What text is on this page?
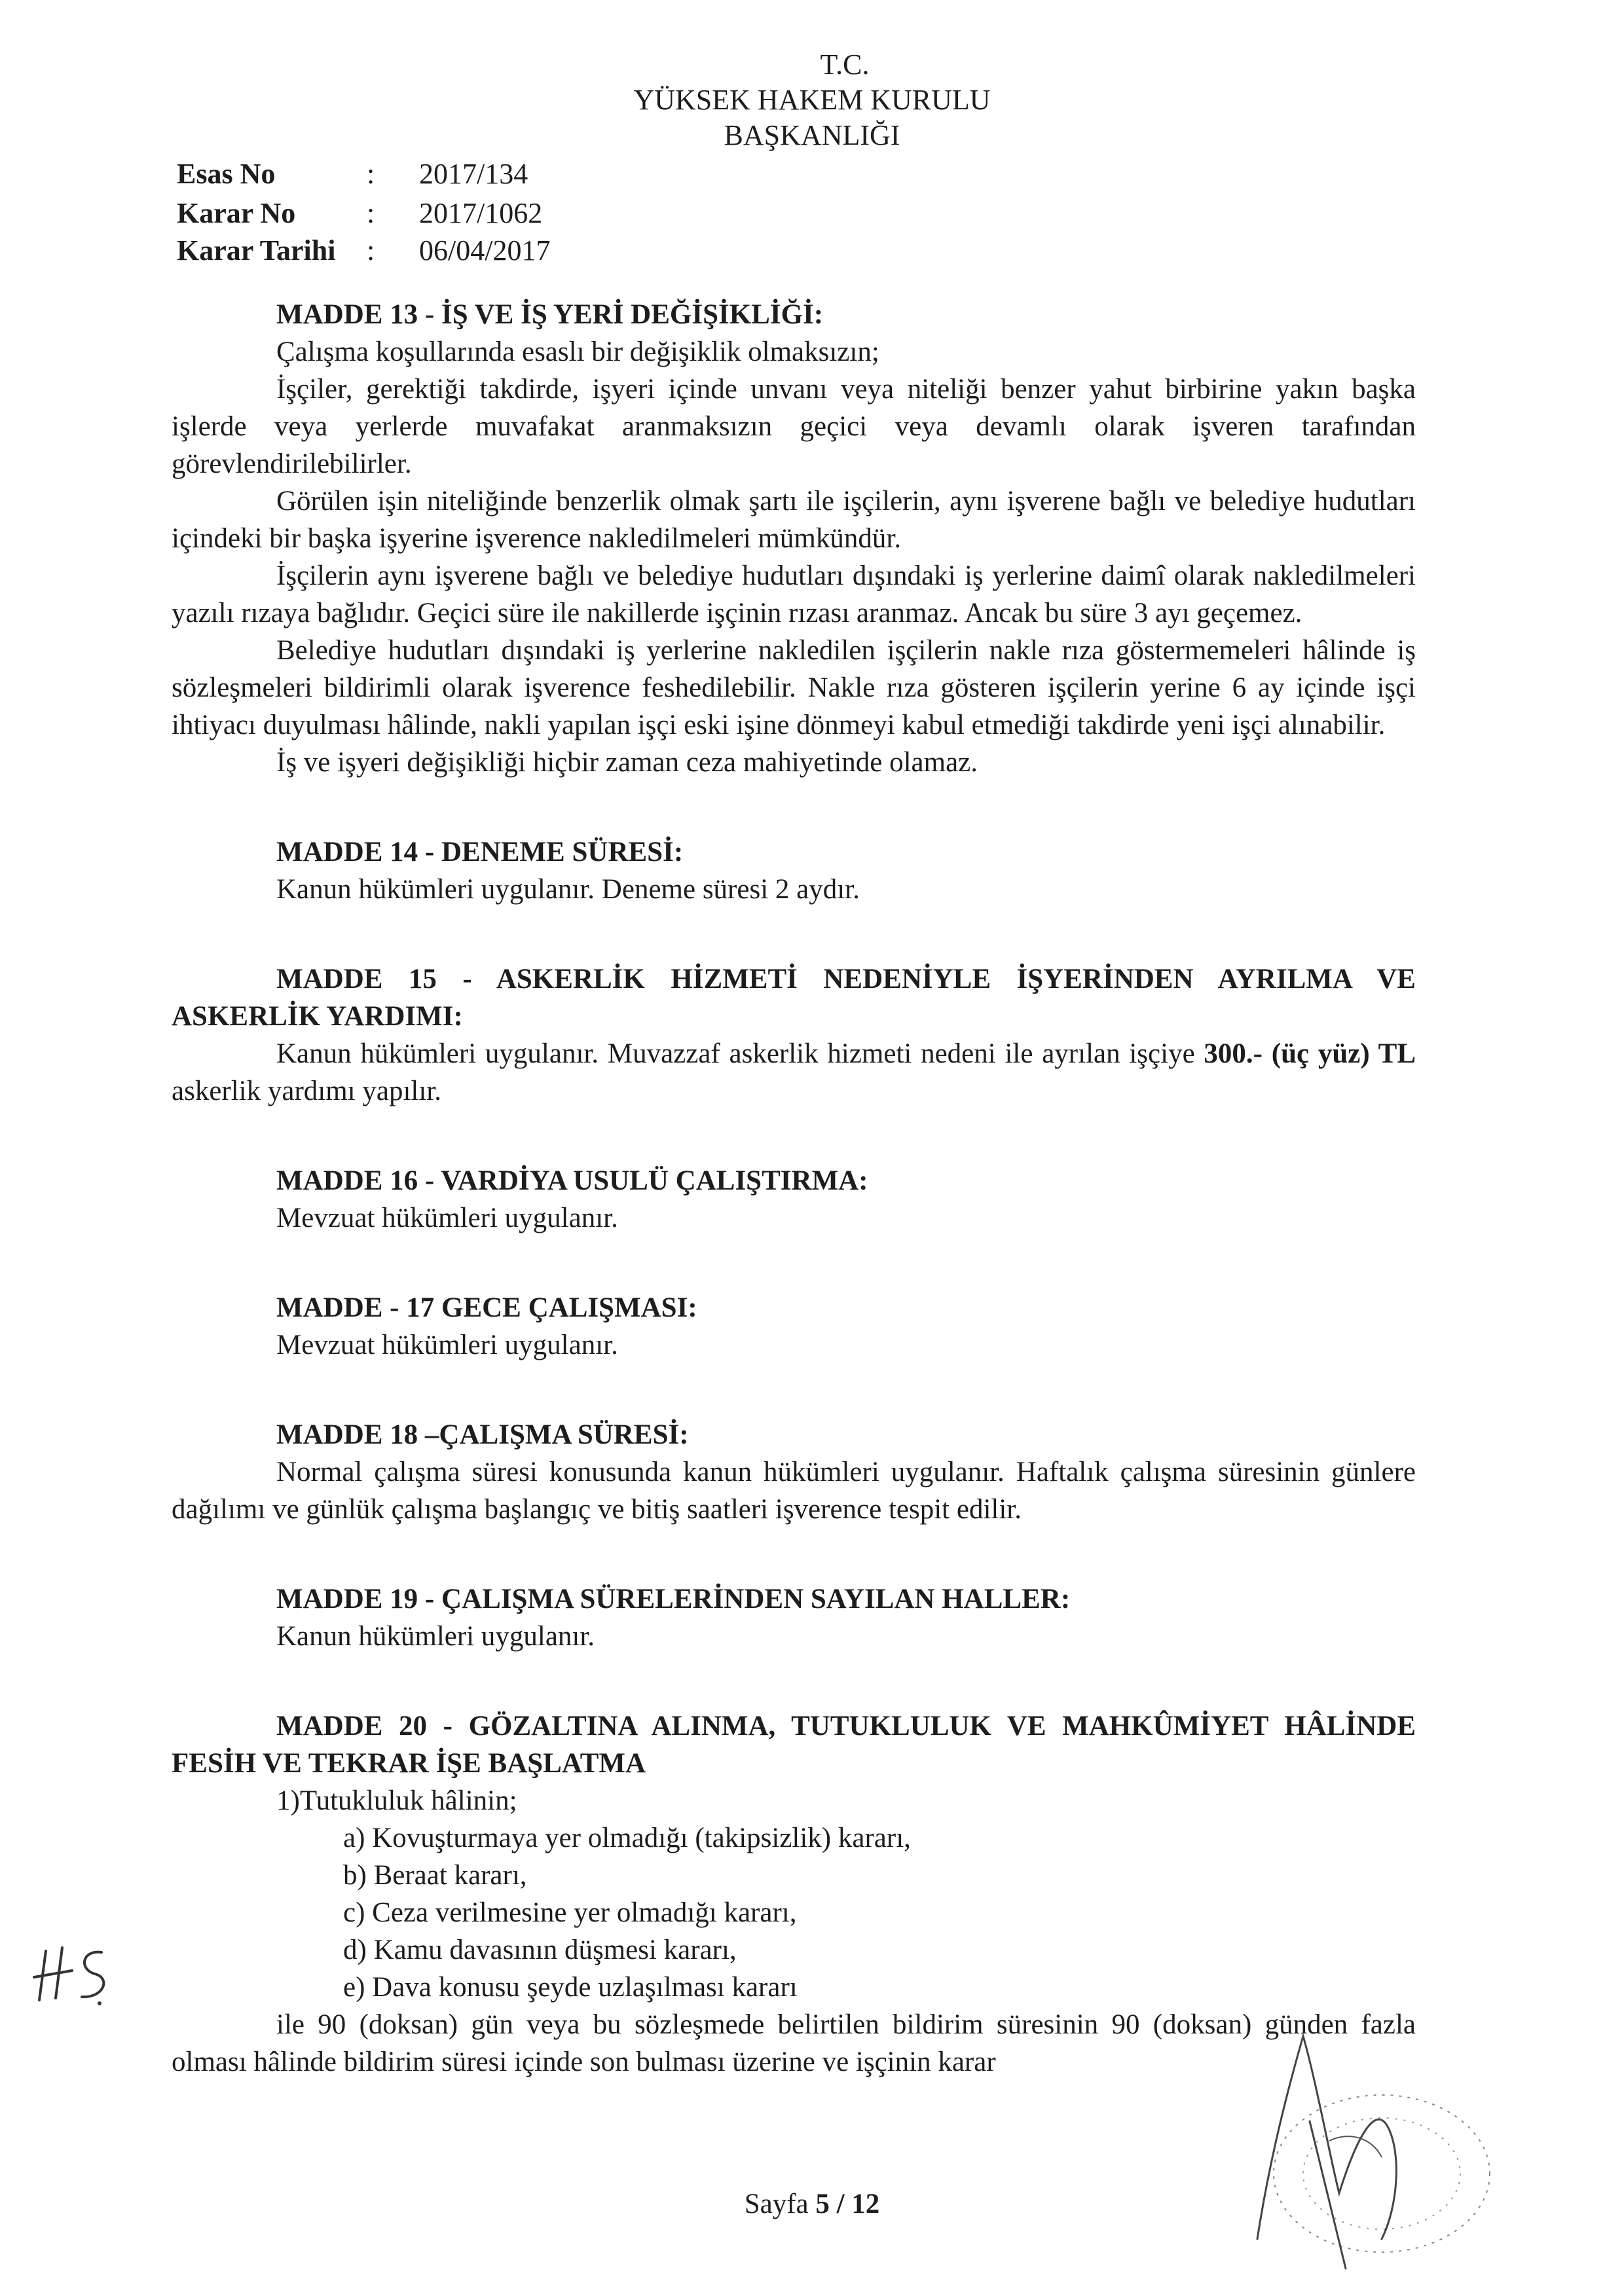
T.C.
YÜKSEK HAKEM KURULU
BAŞKANLIĞI
Esas No	: 2017/134
Karar No : 2017/1062
Karar Tarihi : 06/04/2017

MADDE 13 - İŞ VE İŞ YERİ DEĞİŞİKLİĞİ:

Çalışma koşullarında esaslı bir değişiklik olmaksızın;

İşçiler, gerektiği takdirde, işyeri içinde unvanı veya niteliği benzer yahut birbirine yakın başka işlerde veya yerlerde muvafakat aranmaksızın geçici veya devamlı olarak işveren tarafından görevlendirilebilirler.

Görülen işin niteliğinde benzerlik olmak şartı ile işçilerin, aynı işverene bağlı ve belediye hudutları içindeki bir başka işyerine işverence nakledilmeleri mümkündür.

İşçilerin aynı işverene bağlı ve belediye hudutları dışındaki iş yerlerine daimî olarak nakledilmeleri yazılı rızaya bağlıdır. Geçici süre ile nakillerde işçinin rızası aranmaz. Ancak bu süre 3 ayı geçemez.

Belediye hudutları dışındaki iş yerlerine nakledilen işçilerin nakle rıza göstermemeleri hâlinde iş sözleşmeleri bildirimli olarak işverence feshedilebilir. Nakle rıza gösteren işçilerin yerine 6 ay içinde işçi ihtiyacı duyulması hâlinde, nakli yapılan işçi eski işine dönmeyi kabul etmediği takdirde yeni işçi alınabilir.

İş ve işyeri değişikliği hiçbir zaman ceza mahiyetinde olamaz.

MADDE 14 - DENEME SÜRESİ:

Kanun hükümleri uygulanır. Deneme süresi 2 aydır.

MADDE 15 - ASKERLİK HİZMETİ NEDENİYLE İŞYERİNDEN AYRILMA VE ASKERLİK YARDIMI:

Kanun hükümleri uygulanır. Muvazzaf askerlik hizmeti nedeni ile ayrılan işçiye 300.- (üç yüz) TL askerlik yardımı yapılır.

MADDE 16 - VARDİYA USULÜ ÇALIŞTIRMA:

Mevzuat hükümleri uygulanır.

MADDE - 17 GECE ÇALIŞMASI:

Mevzuat hükümleri uygulanır.

MADDE 18 –ÇALIŞMA SÜRESİ:

Normal çalışma süresi konusunda kanun hükümleri uygulanır. Haftalık çalışma süresinin günlere dağılımı ve günlük çalışma başlangıç ve bitiş saatleri işverence tespit edilir.

MADDE 19 - ÇALIŞMA SÜRELERİNDEN SAYILAN HALLER:

Kanun hükümleri uygulanır.

MADDE 20 - GÖZALTINA ALINMA, TUTUKLULUK VE MAHKÛMİYET HÂLİNDE FESİH VE TEKRAR İŞE BAŞLATMA

1)Tutukluluk hâlinin;

a) Kovuşturmaya yer olmadığı (takipsizlik) kararı,
b) Beraat kararı,
c) Ceza verilmesine yer olmadığı kararı,
d) Kamu davasının düşmesi kararı,
e) Dava konusu şeyde uzlaşılması kararı

ile 90 (doksan) gün veya bu sözleşmede belirtilen bildirim süresinin 90 (doksan) günden fazla olması hâlinde bildirim süresi içinde son bulması üzerine ve işçinin karar

Sayfa 5 / 12
